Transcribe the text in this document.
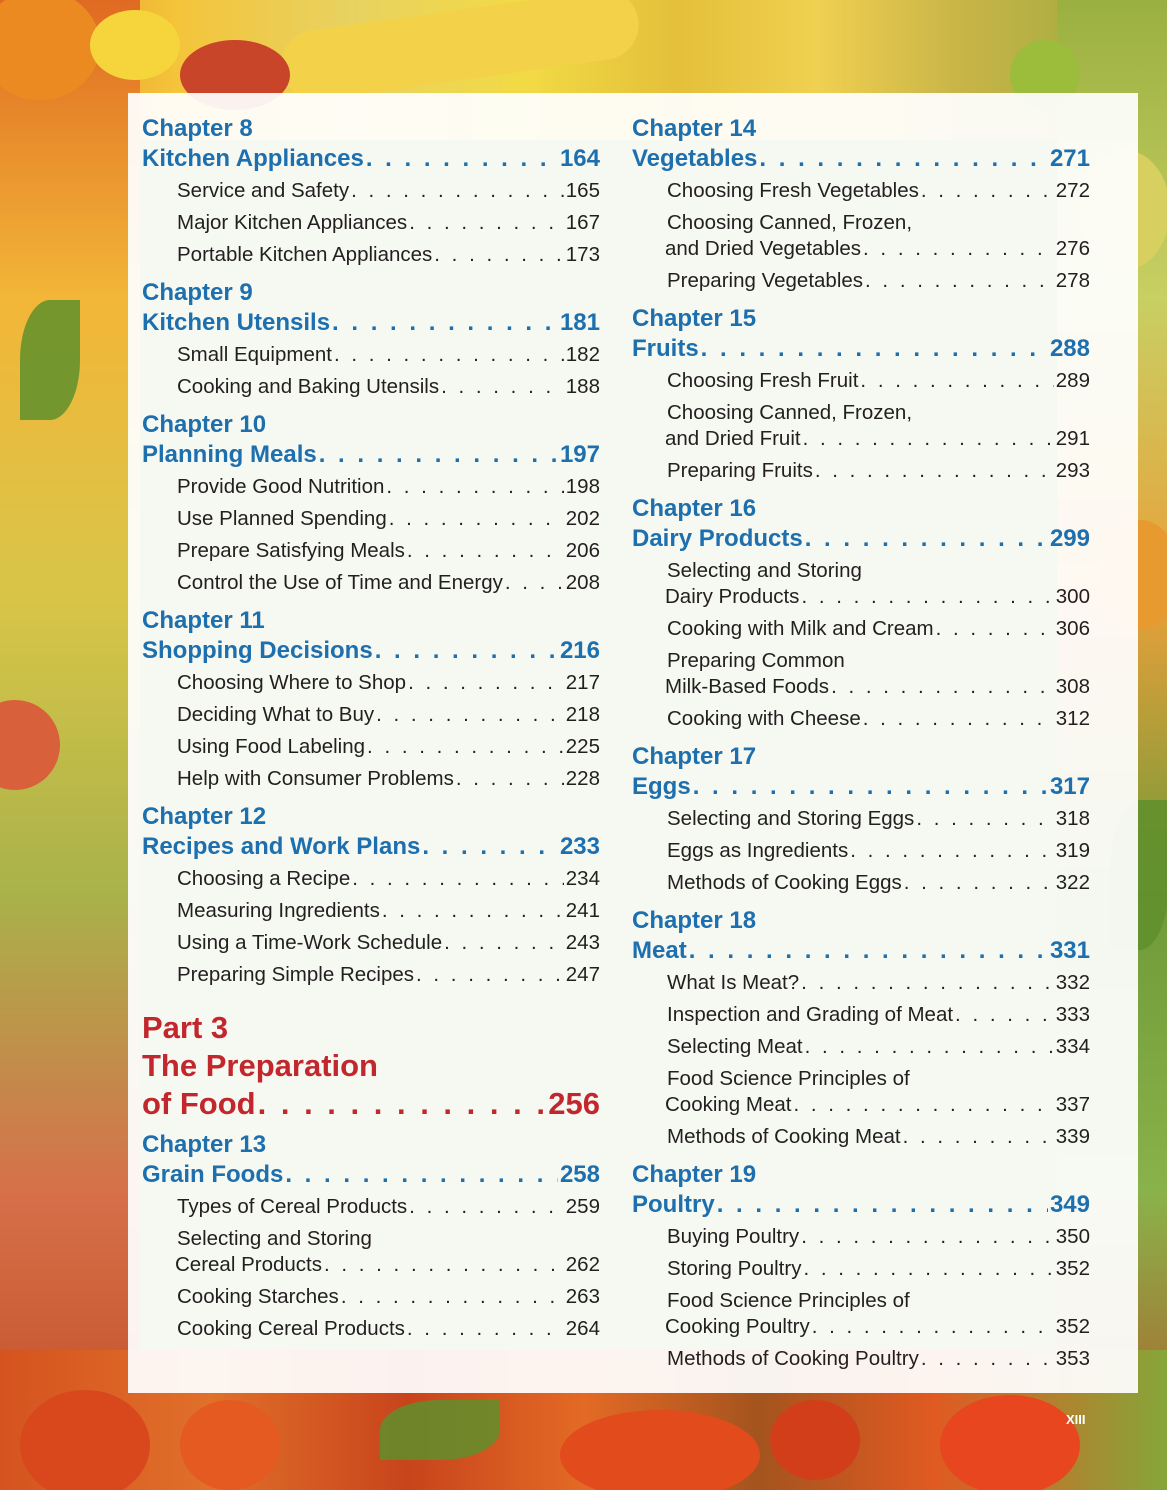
Chapter 8
Kitchen Appliances . . .	164
Service and Safety . . .	165
Major Kitchen Appliances . . .	167
Portable Kitchen Appliances . . .	173
Chapter 9
Kitchen Utensils . . .	181
Small Equipment . . .	182
Cooking and Baking Utensils . . .	188
Chapter 10
Planning Meals . . .	197
Provide Good Nutrition . . .	198
Use Planned Spending . . .	202
Prepare Satisfying Meals . . .	206
Control the Use of Time and Energy . . .	208
Chapter 11
Shopping Decisions . . .	216
Choosing Where to Shop . . .	217
Deciding What to Buy . . .	218
Using Food Labeling . . .	225
Help with Consumer Problems . . .	228
Chapter 12
Recipes and Work Plans . . .	233
Choosing a Recipe . . .	234
Measuring Ingredients . . .	241
Using a Time-Work Schedule . . .	243
Preparing Simple Recipes . . .	247
Part 3
The Preparation
of Food . . .	256
Chapter 13
Grain Foods . . .	258
Types of Cereal Products . . .	259
Selecting and Storing
Cereal Products . . .	262
Cooking Starches . . .	263
Cooking Cereal Products . . .	264
Chapter 14
Vegetables . . .	271
Choosing Fresh Vegetables . . .	272
Choosing Canned, Frozen,
and Dried Vegetables . . .	276
Preparing Vegetables . . .	278
Chapter 15
Fruits . . .	288
Choosing Fresh Fruit . . .	289
Choosing Canned, Frozen,
and Dried Fruit . . .	291
Preparing Fruits . . .	293
Chapter 16
Dairy Products . . .	299
Selecting and Storing
Dairy Products . . .	300
Cooking with Milk and Cream . . .	306
Preparing Common
Milk-Based Foods . . .	308
Cooking with Cheese . . .	312
Chapter 17
Eggs . . .	317
Selecting and Storing Eggs . . .	318
Eggs as Ingredients . . .	319
Methods of Cooking Eggs . . .	322
Chapter 18
Meat . . .	331
What Is Meat? . . .	332
Inspection and Grading of Meat . . .	333
Selecting Meat . . .	334
Food Science Principles of
Cooking Meat . . .	337
Methods of Cooking Meat . . .	339
Chapter 19
Poultry . . .	349
Buying Poultry . . .	350
Storing Poultry . . .	352
Food Science Principles of
Cooking Poultry . . .	352
Methods of Cooking Poultry . . .	353
XIII
